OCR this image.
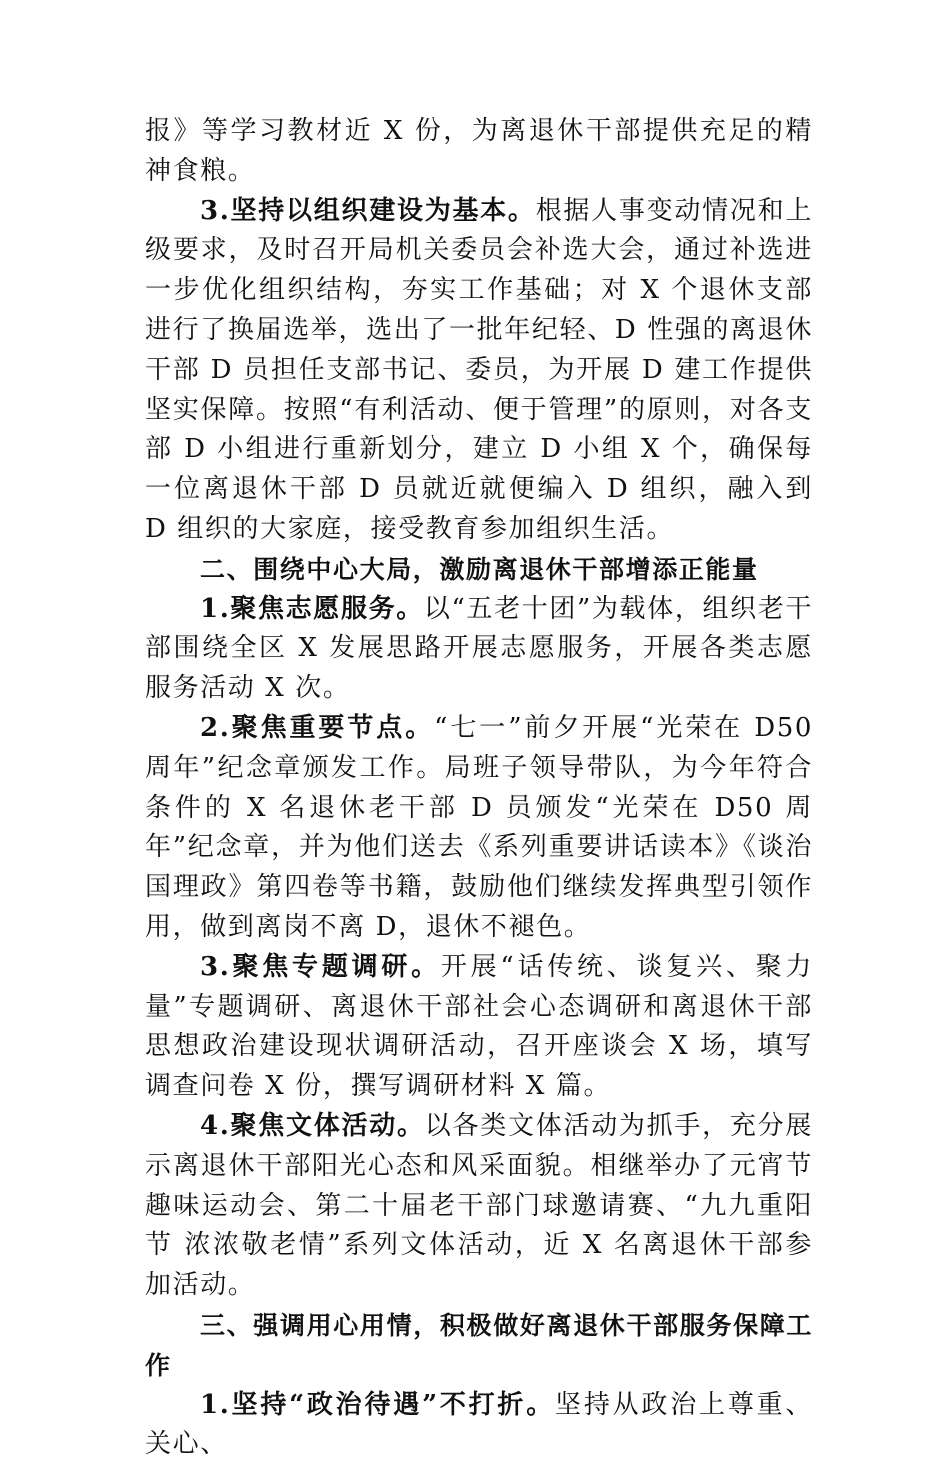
报》等学习教材近 X 份，为离退休干部提供充足的精神食粮。

3.坚持以组织建设为基本。根据人事变动情况和上级要求，及时召开局机关委员会补选大会，通过补选进一步优化组织结构，夯实工作基础；对 X 个退休支部进行了换届选举，选出了一批年纪轻、D 性强的离退休干部 D 员担任支部书记、委员，为开展 D 建工作提供坚实保障。按照“有利活动、便于管理”的原则，对各支部 D 小组进行重新划分，建立 D 小组 X 个，确保每一位离退休干部 D 员就近就便编入 D 组织，融入到 D 组织的大家庭，接受教育参加组织生活。

二、围绕中心大局，激励离退休干部增添正能量

1.聚焦志愿服务。以“五老十团”为载体，组织老干部围绕全区 X 发展思路开展志愿服务，开展各类志愿服务活动 X 次。

2.聚焦重要节点。“七一”前夕开展“光荣在 D50 周年”纪念章颁发工作。局班子领导带队，为今年符合条件的 X 名退休老干部 D 员颁发“光荣在 D50 周年”纪念章，并为他们送去《系列重要讲话读本》《谈治国理政》第四卷等书籍，鼓励他们继续发挥典型引领作用，做到离岗不离 D，退休不褪色。

3.聚焦专题调研。开展“话传统、谈复兴、聚力量”专题调研、离退休干部社会心态调研和离退休干部思想政治建设现状调研活动，召开座谈会 X 场，填写调查问卷 X 份，撰写调研材料 X 篇。

4.聚焦文体活动。以各类文体活动为抓手，充分展示离退休干部阳光心态和风采面貌。相继举办了元宵节趣味运动会、第二十届老干部门球邀请赛、“九九重阳节 浓浓敬老情”系列文体活动，近 X 名离退休干部参加活动。

三、强调用心用情，积极做好离退休干部服务保障工作

1.坚持“政治待遇”不打折。坚持从政治上尊重、关心、
